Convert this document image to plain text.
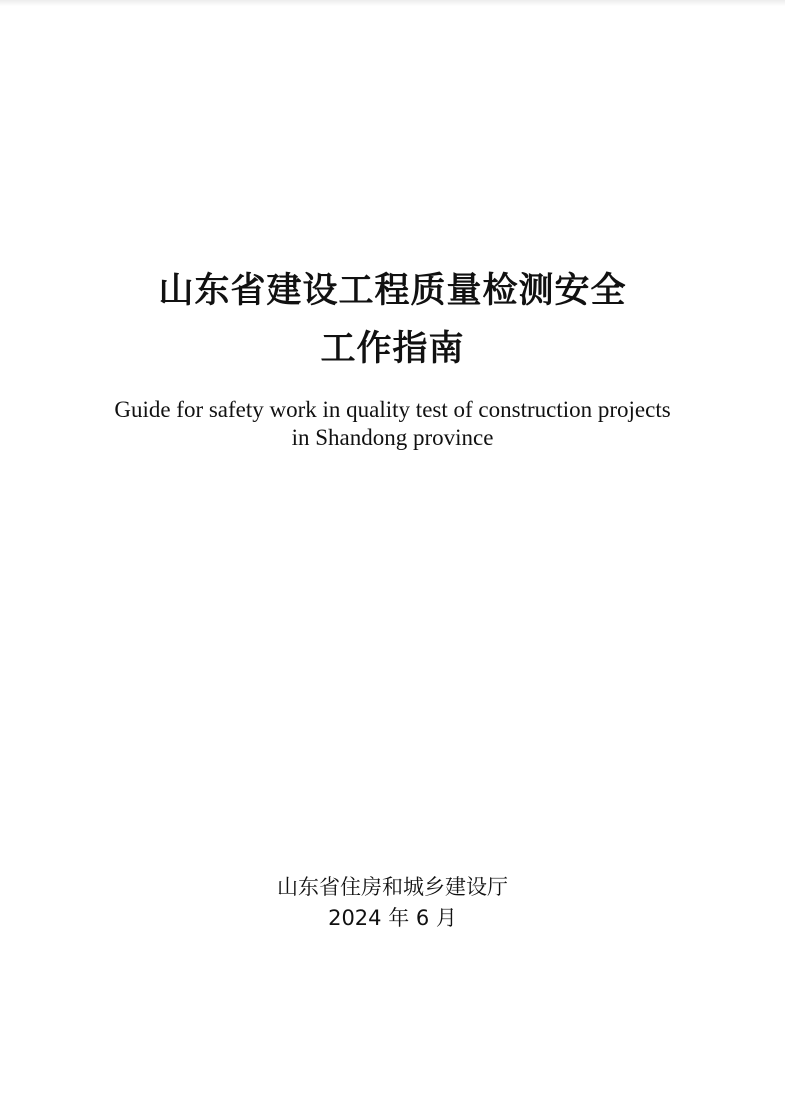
山东省建设工程质量检测安全
工作指南
Guide for safety work in quality test of construction projects
in Shandong province
山东省住房和城乡建设厅
2024 年 6 月
